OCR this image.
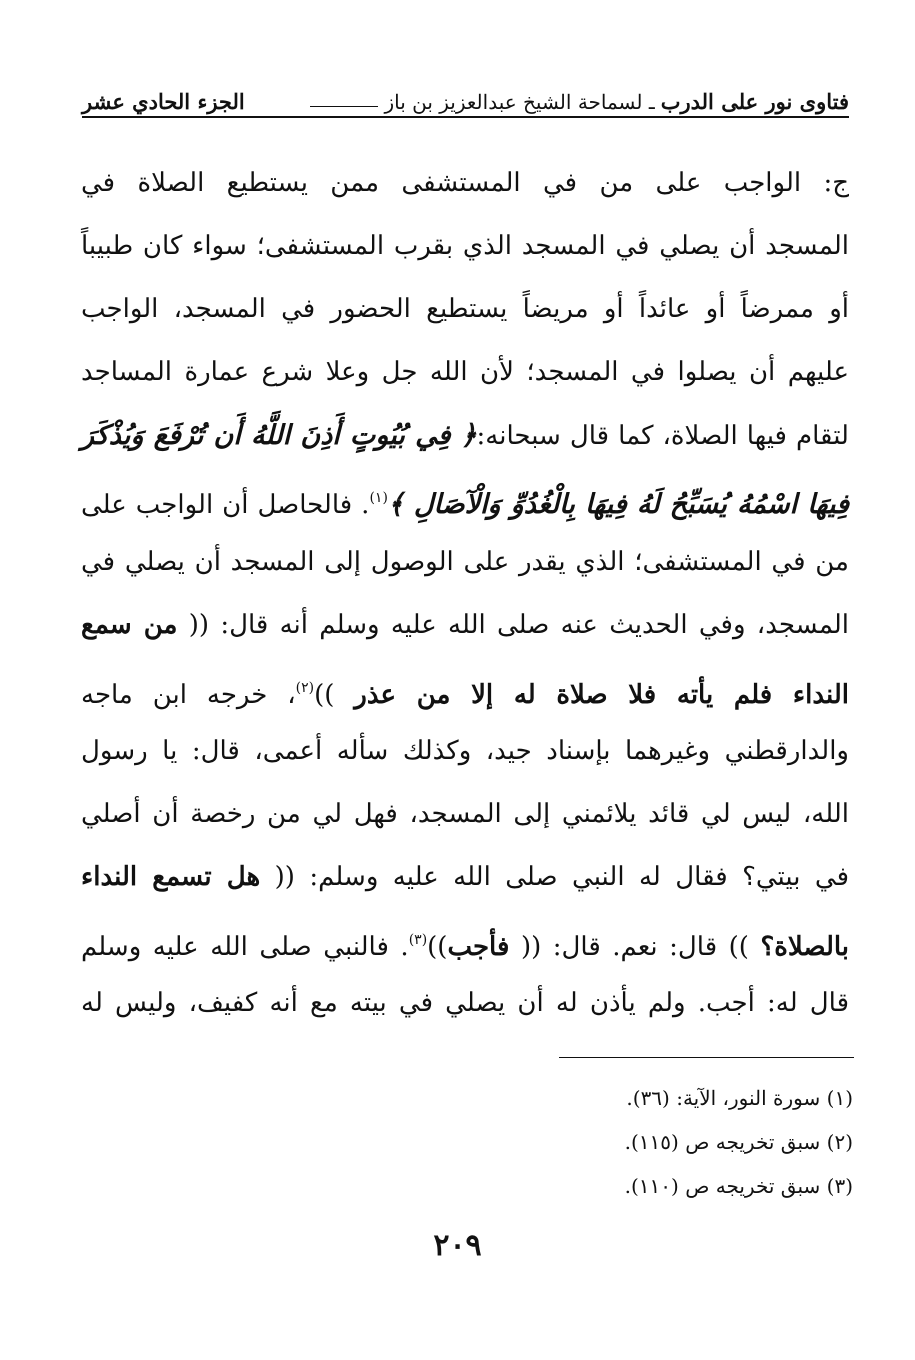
فتاوى نور على الدرب
ـ لسماحة الشيخ عبدالعزيز بن باز
الجزء الحادي عشر
ج: الواجب على من في المستشفى ممن يستطيع الصلاة في
المسجد أن يصلي في المسجد الذي بقرب المستشفى؛ سواء كان طبيباً
أو ممرضاً أو عائداً أو مريضاً يستطيع الحضور في المسجد، الواجب
عليهم أن يصلوا في المسجد؛ لأن الله جل وعلا شرع عمارة المساجد
لتقام فيها الصلاة، كما قال سبحانه:﴿ فِي بُيُوتٍ أَذِنَ اللَّهُ أَن تُرْفَعَ وَيُذْكَرَ
فِيهَا اسْمُهُ يُسَبِّحُ لَهُ فِيهَا بِالْغُدُوِّ وَالْآصَالِ ﴾$^{(١)}$. فالحاصل أن الواجب على
من في المستشفى؛ الذي يقدر على الوصول إلى المسجد أن يصلي في
المسجد، وفي الحديث عنه صلى الله عليه وسلم أنه قال: (( من سمع
النداء فلم يأته فلا صلاة له إلا من عذر ))$^{(٢)}$، خرجه ابن ماجه
والدارقطني وغيرهما بإسناد جيد، وكذلك سأله أعمى، قال: يا رسول
الله، ليس لي قائد يلائمني إلى المسجد، فهل لي من رخصة أن أصلي
في بيتي؟ فقال له النبي صلى الله عليه وسلم: (( هل تسمع النداء
بالصلاة؟ )) قال: نعم. قال: (( فأجب))$^{(٣)}$. فالنبي صلى الله عليه وسلم
قال له: أجب. ولم يأذن له أن يصلي في بيته مع أنه كفيف، وليس له
(١) سورة النور، الآية: (٣٦).
(٢) سبق تخريجه ص (١١٥).
(٣) سبق تخريجه ص (١١٠).
٢٠٩
